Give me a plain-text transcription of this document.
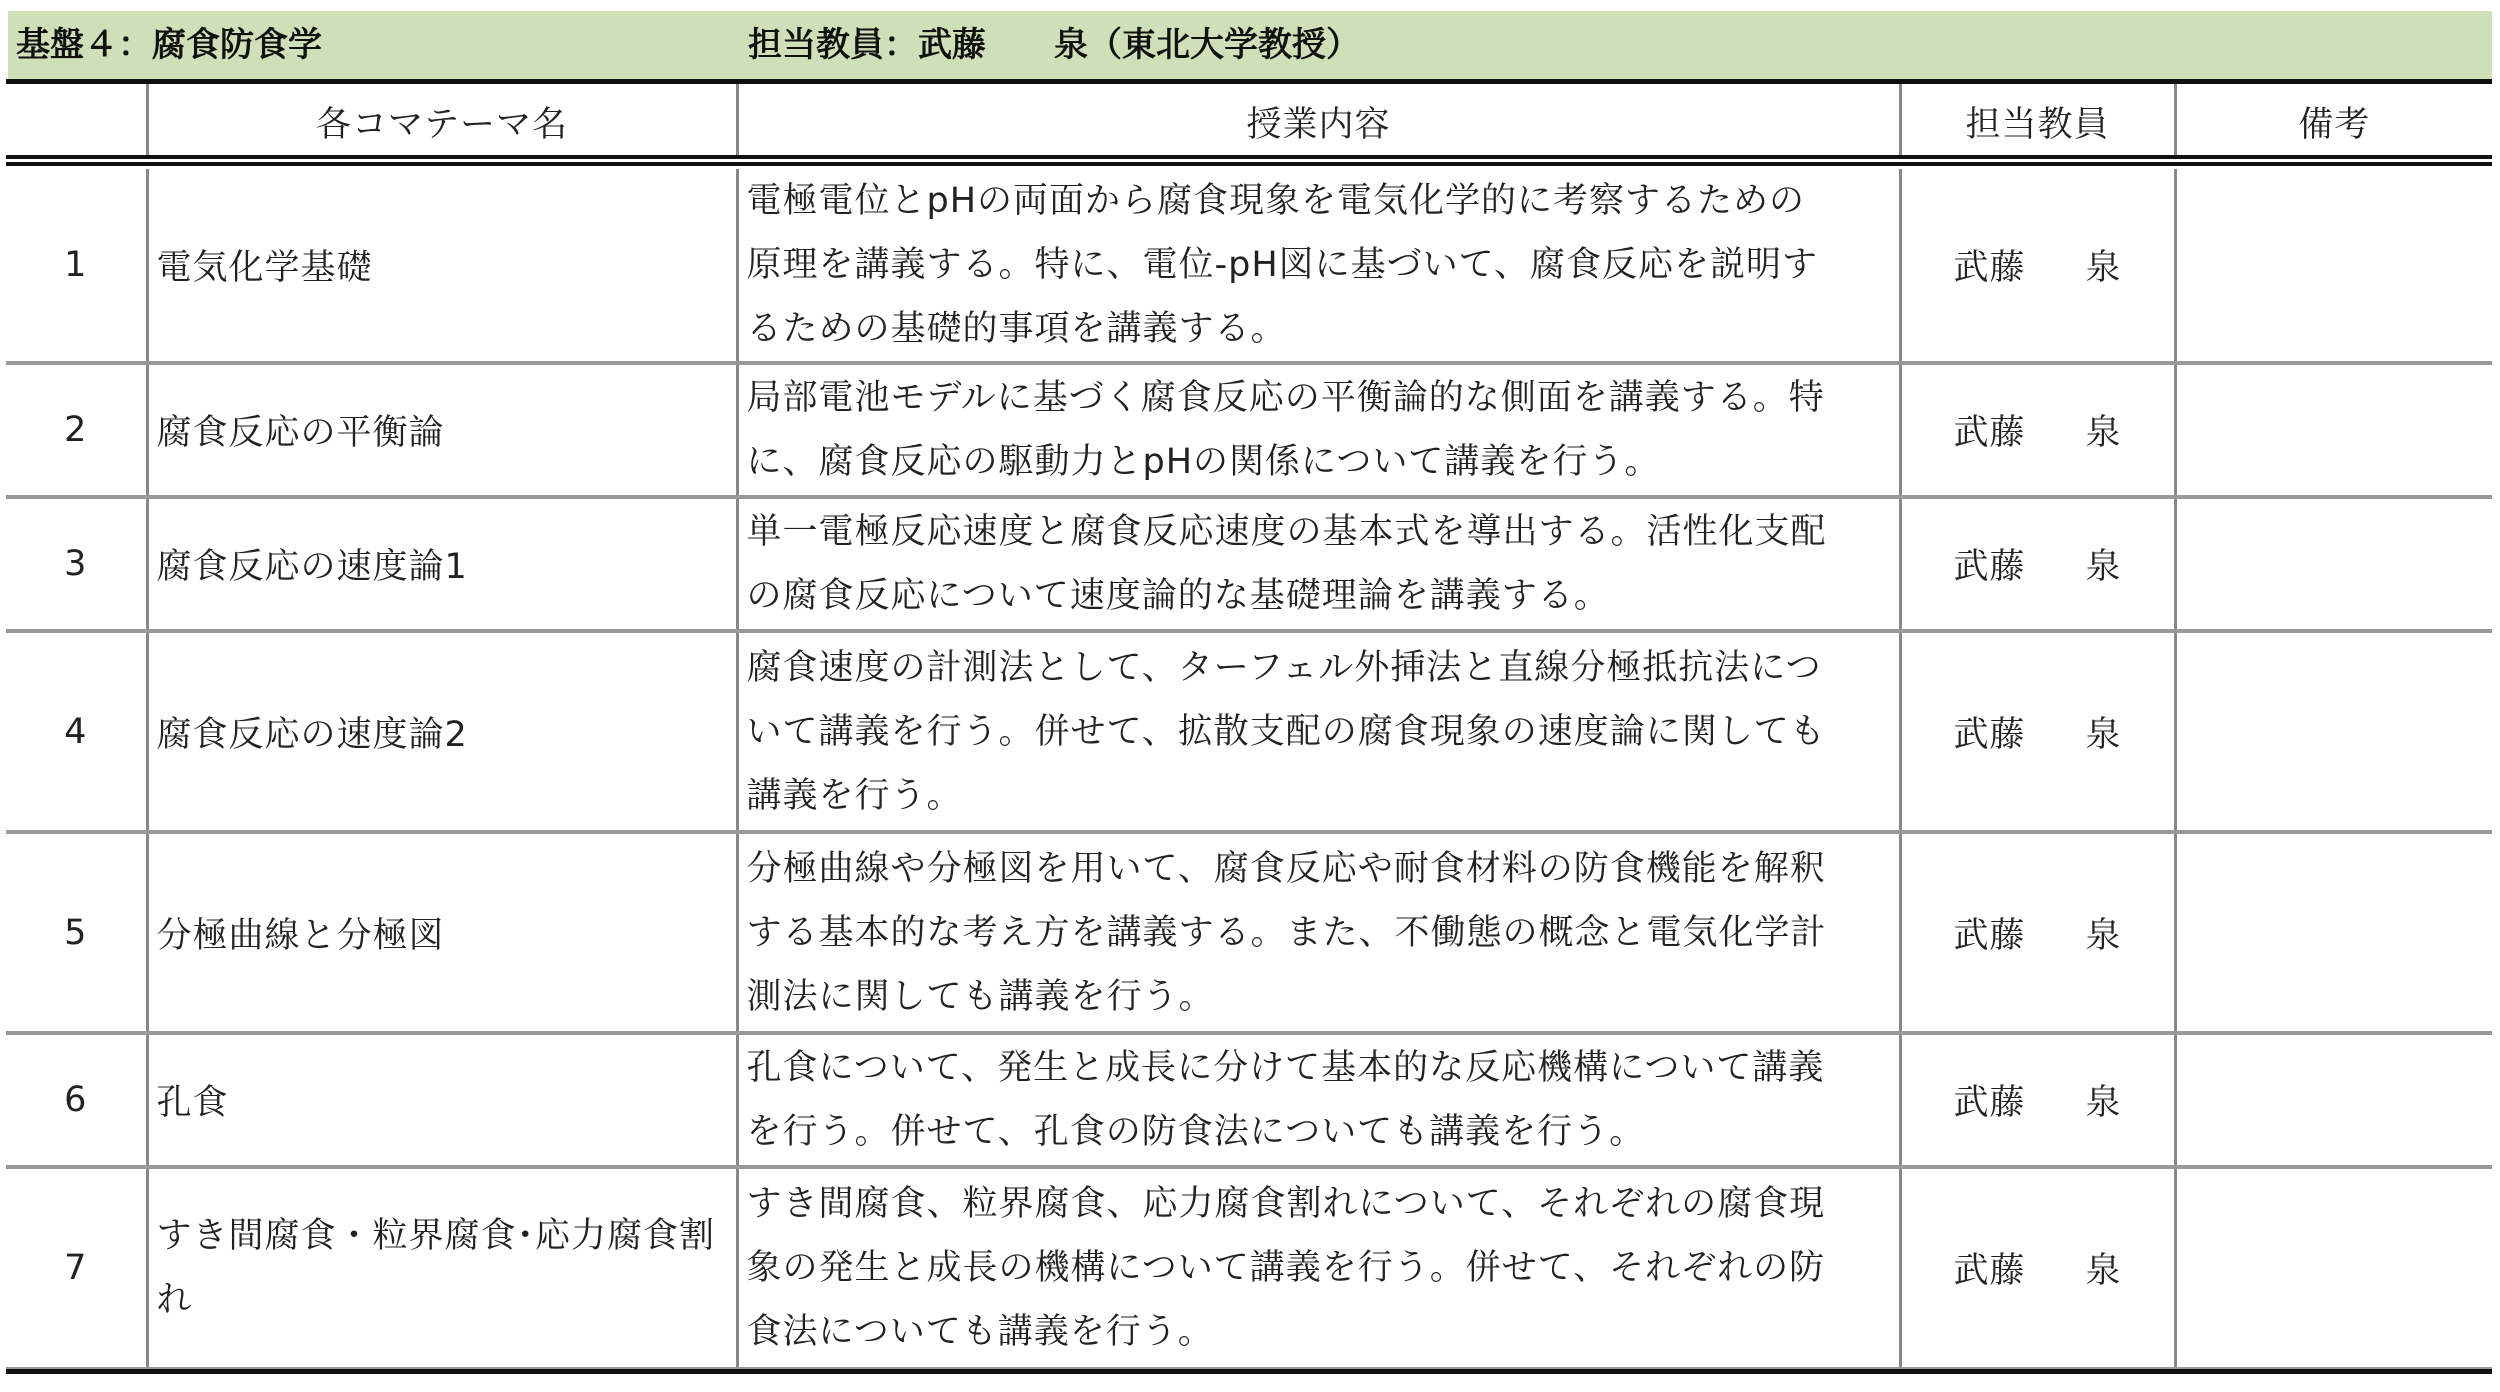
基盤４：腐食防食学	担当教員：武藤　　泉（東北大学教授）
	各コマテーマ名	授業内容	担当教員	備考
1	電気化学基礎	電極電位とpHの両面から腐食現象を電気化学的に考察するための
原理を講義する。特に、電位-pH図に基づいて、腐食反応を説明す
るための基礎的事項を講義する。	武藤 泉	
2	腐食反応の平衡論	局部電池モデルに基づく腐食反応の平衡論的な側面を講義する。特
に、腐食反応の駆動力とpHの関係について講義を行う。	武藤 泉	
3	腐食反応の速度論1	単一電極反応速度と腐食反応速度の基本式を導出する。活性化支配
の腐食反応について速度論的な基礎理論を講義する。	武藤 泉	
4	腐食反応の速度論2	腐食速度の計測法として、ターフェル外挿法と直線分極抵抗法につ
いて講義を行う。併せて、拡散支配の腐食現象の速度論に関しても
講義を行う。	武藤 泉	
5	分極曲線と分極図	分極曲線や分極図を用いて、腐食反応や耐食材料の防食機能を解釈
する基本的な考え方を講義する。また、不働態の概念と電気化学計
測法に関しても講義を行う。	武藤 泉	
6	孔食	孔食について、発生と成長に分けて基本的な反応機構について講義
を行う。併せて、孔食の防食法についても講義を行う。	武藤 泉	
7	すき間腐食・粒界腐食･応力腐食割れ	すき間腐食、粒界腐食、応力腐食割れについて、それぞれの腐食現
象の発生と成長の機構について講義を行う。併せて、それぞれの防
食法についても講義を行う。	武藤 泉	
